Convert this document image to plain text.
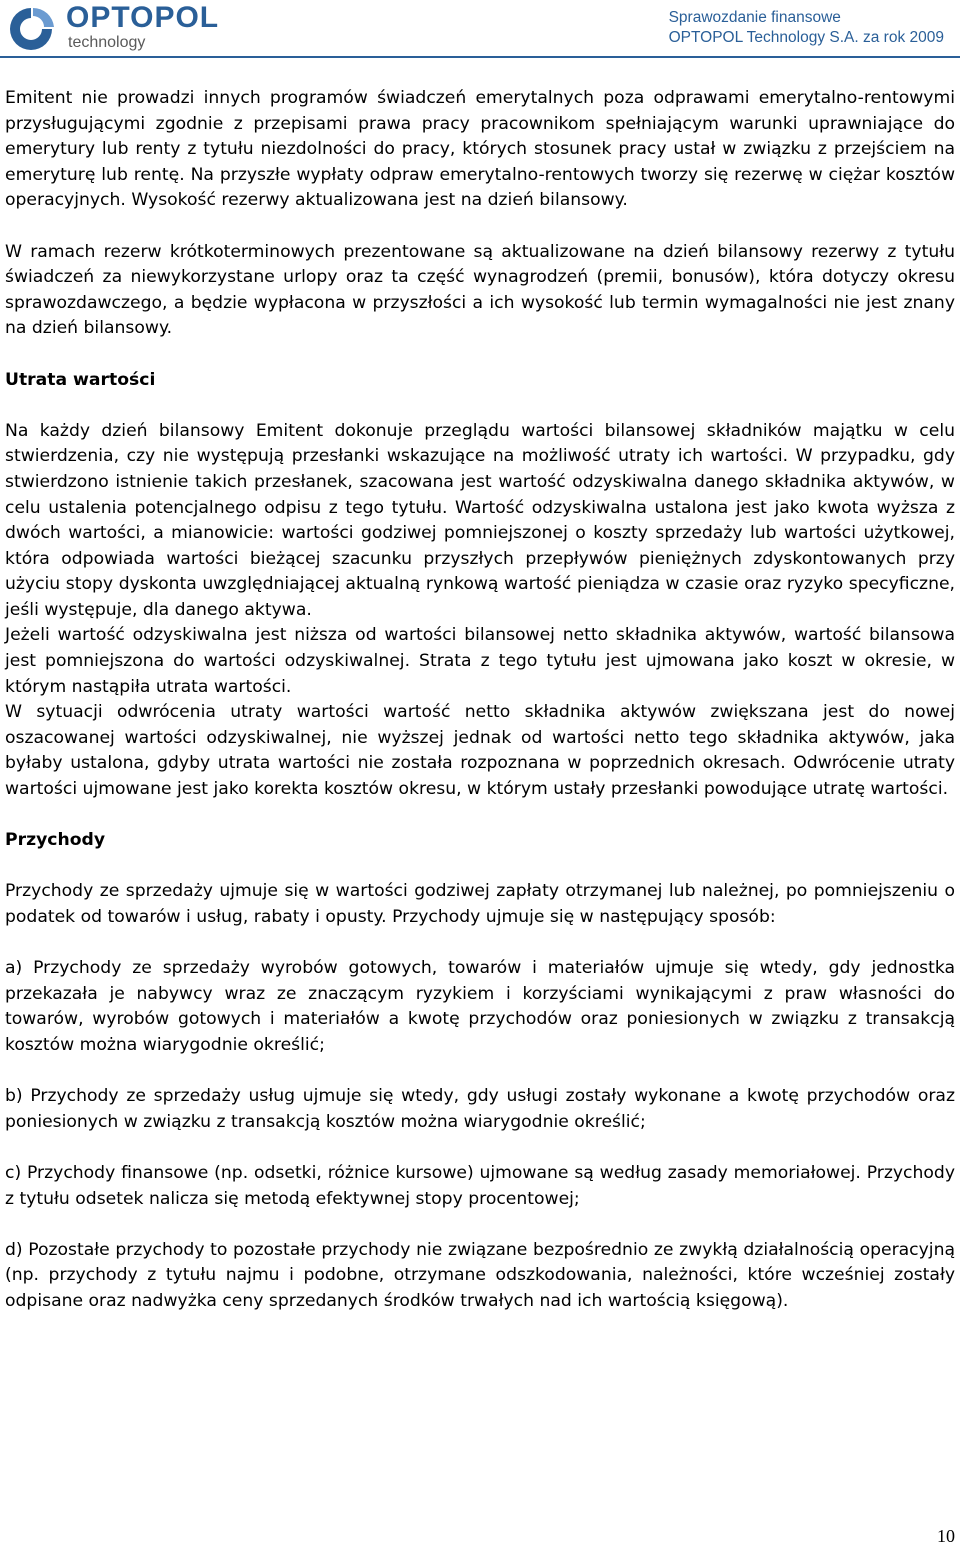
OPTOPOL
technology
Sprawozdanie finansowe
OPTOPOL Technology S.A. za rok 2009

Emitent nie prowadzi innych programów świadczeń emerytalnych poza odprawami emerytalno-rentowymi przysługującymi zgodnie z przepisami prawa pracy pracownikom spełniającym warunki uprawniające do emerytury lub renty z tytułu niezdolności do pracy, których stosunek pracy ustał w związku z przejściem na emeryturę lub rentę. Na przyszłe wypłaty odpraw emerytalno-rentowych tworzy się rezerwę w ciężar kosztów operacyjnych. Wysokość rezerwy aktualizowana jest na dzień bilansowy.

W ramach rezerw krótkoterminowych prezentowane są aktualizowane na dzień bilansowy rezerwy z tytułu świadczeń za niewykorzystane urlopy oraz ta część wynagrodzeń (premii, bonusów), która dotyczy okresu sprawozdawczego, a będzie wypłacona w przyszłości a ich wysokość lub termin wymagalności nie jest znany na dzień bilansowy.

Utrata wartości

Na każdy dzień bilansowy Emitent dokonuje przeglądu wartości bilansowej składników majątku w celu stwierdzenia, czy nie występują przesłanki wskazujące na możliwość utraty ich wartości. W przypadku, gdy stwierdzono istnienie takich przesłanek, szacowana jest wartość odzyskiwalna danego składnika aktywów, w celu ustalenia potencjalnego odpisu z tego tytułu. Wartość odzyskiwalna ustalona jest jako kwota wyższa z dwóch wartości, a mianowicie: wartości godziwej pomniejszonej o koszty sprzedaży lub wartości użytkowej, która odpowiada wartości bieżącej szacunku przyszłych przepływów pieniężnych zdyskontowanych przy użyciu stopy dyskonta uwzględniającej aktualną rynkową wartość pieniądza w czasie oraz ryzyko specyficzne, jeśli występuje, dla danego aktywa.

Jeżeli wartość odzyskiwalna jest niższa od wartości bilansowej netto składnika aktywów, wartość bilansowa jest pomniejszona do wartości odzyskiwalnej. Strata z tego tytułu jest ujmowana jako koszt w okresie, w którym nastąpiła utrata wartości.

W sytuacji odwrócenia utraty wartości wartość netto składnika aktywów zwiększana jest do nowej oszacowanej wartości odzyskiwalnej, nie wyższej jednak od wartości netto tego składnika aktywów, jaka byłaby ustalona, gdyby utrata wartości nie została rozpoznana w poprzednich okresach. Odwrócenie utraty wartości ujmowane jest jako korekta kosztów okresu, w którym ustały przesłanki powodujące utratę wartości.

Przychody

Przychody ze sprzedaży ujmuje się w wartości godziwej zapłaty otrzymanej lub należnej, po pomniejszeniu o podatek od towarów i usług, rabaty i opusty. Przychody ujmuje się w następujący sposób:

a) Przychody ze sprzedaży wyrobów gotowych, towarów i materiałów ujmuje się wtedy, gdy jednostka przekazała je nabywcy wraz ze znaczącym ryzykiem i korzyściami wynikającymi z praw własności do towarów, wyrobów gotowych i materiałów a kwotę przychodów oraz poniesionych w związku z transakcją kosztów można wiarygodnie określić;

b) Przychody ze sprzedaży usług ujmuje się wtedy, gdy usługi zostały wykonane a kwotę przychodów oraz poniesionych w związku z transakcją kosztów można wiarygodnie określić;

c) Przychody finansowe (np. odsetki, różnice kursowe) ujmowane są według zasady memoriałowej. Przychody z tytułu odsetek nalicza się metodą efektywnej stopy procentowej;

d) Pozostałe przychody to pozostałe przychody nie związane bezpośrednio ze zwykłą działalnością operacyjną (np. przychody z tytułu najmu i podobne, otrzymane odszkodowania, należności, które wcześniej zostały odpisane oraz nadwyżka ceny sprzedanych środków trwałych nad ich wartością księgową).

10
